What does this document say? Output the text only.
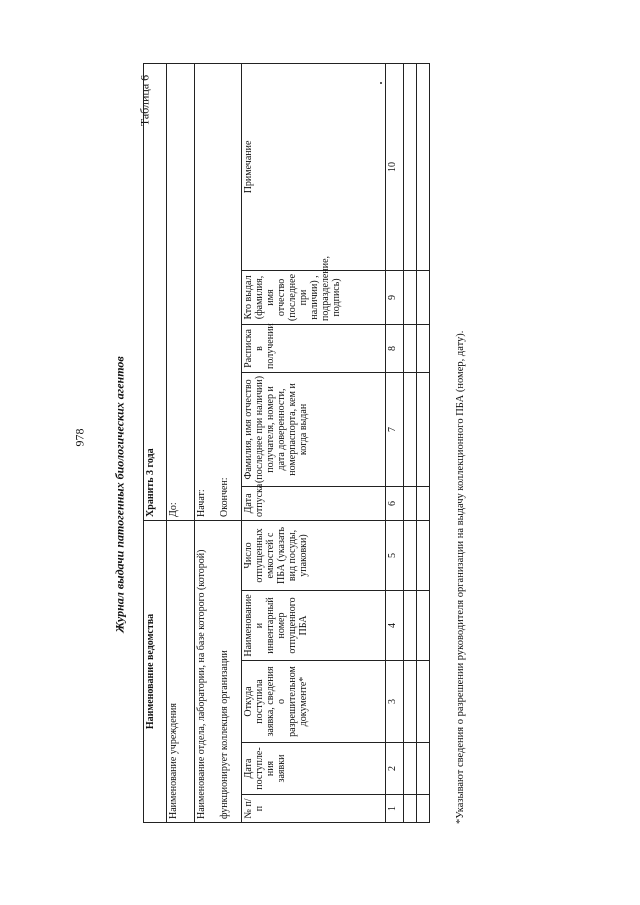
978 Журнал выдачи патогенных биологических агентов
Таблица 6
Наименование ведомства					Хранить 3 года				
Наименование учреждения					До:				
Наименование отдела, лаборатории, на базе которого (которой)					Начат:				
функционирует коллекция организации					Окончен:				
№ п/п	Дата поступле-ния заявки	Откуда поступила заявка, сведения о разрешительном документе*	Наименование и инвентарный номер отпущенного ПБА	Число отпущенных емкостей с ПБА (указать вид посуды, упаковки)	Дата отпуска	Фамилия, имя отчество (последнее при наличии) получателя, номер и дата доверенности, номерпаспорта, кем и когда выдан	Расписка в получении	Кто выдал (фамилия, имя отчество (последнее при наличии) , подразделение, подпись)	Примечание
1	2	3	4	5	6	7	8	9	10

*Указывают сведения о разрешении руководителя организации на выдачу коллекционного ПБА (номер, дату).
